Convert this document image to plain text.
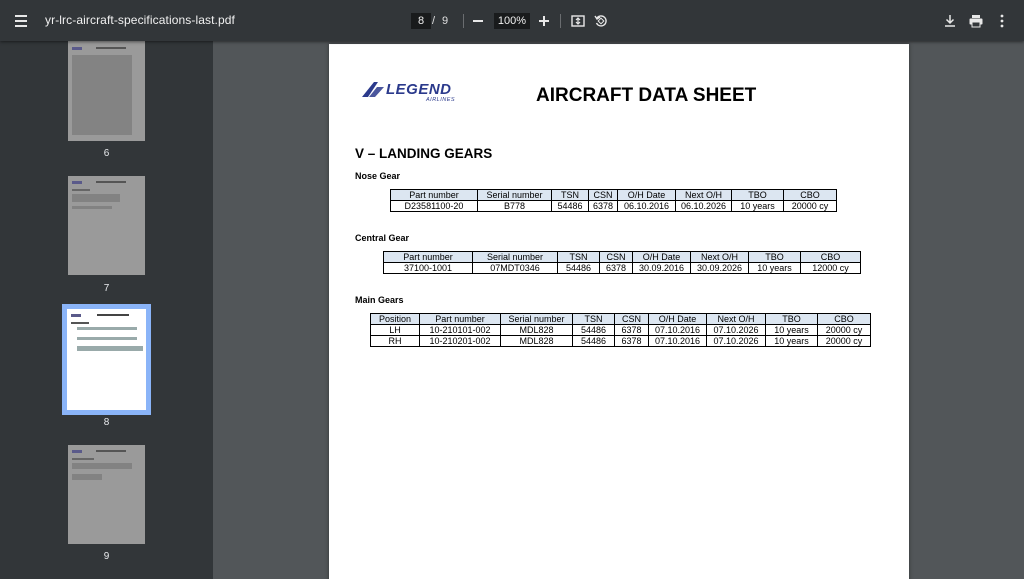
yr-lrc-aircraft-specifications-last.pdf	8 / 9	100%
6
7
8
9
LEGEND
AIRLINES	AIRCRAFT DATA SHEET
V – LANDING GEARS
Nose Gear
Part number	Serial number	TSN	CSN	O/H Date	Next O/H	TBO	CBO
D23581100-20	B778	54486	6378	06.10.2016	06.10.2026	10 years	20000 cy
Central Gear
Part number	Serial number	TSN	CSN	O/H Date	Next O/H	TBO	CBO
37100-1001	07MDT0346	54486	6378	30.09.2016	30.09.2026	10 years	12000 cy
Main Gears
Position	Part number	Serial number	TSN	CSN	O/H Date	Next O/H	TBO	CBO
LH	10-210101-002	MDL828	54486	6378	07.10.2016	07.10.2026	10 years	20000 cy
RH	10-210201-002	MDL828	54486	6378	07.10.2016	07.10.2026	10 years	20000 cy
